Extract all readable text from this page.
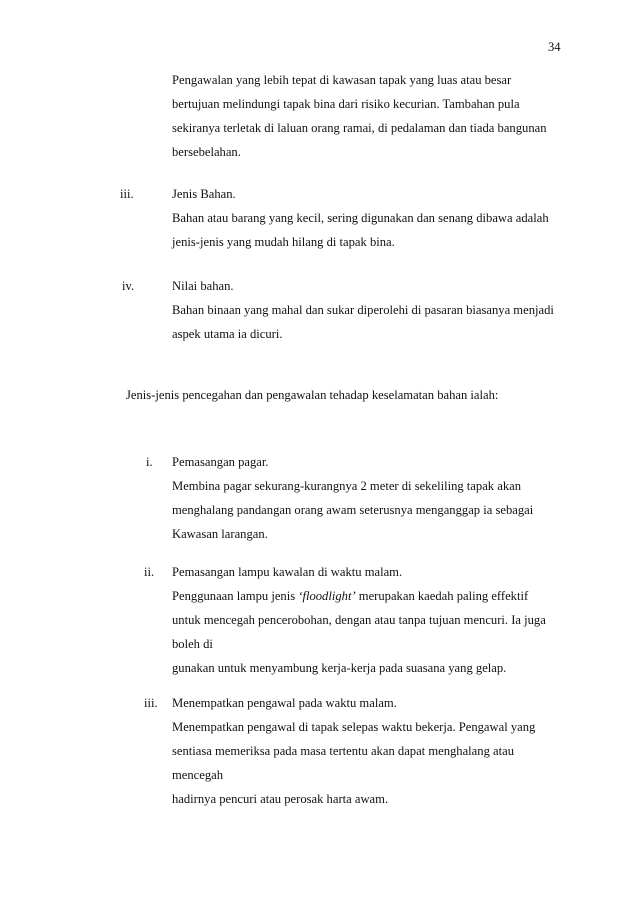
34
Pengawalan yang lebih tepat di kawasan tapak yang luas atau besar
bertujuan melindungi tapak bina dari risiko kecurian. Tambahan pula
sekiranya terletak di laluan orang ramai, di pedalaman dan tiada bangunan
bersebelahan.
iii.	Jenis Bahan.
Bahan atau barang yang kecil, sering digunakan dan senang dibawa adalah
jenis-jenis yang mudah hilang di tapak bina.
iv.	Nilai bahan.
Bahan binaan yang mahal dan sukar diperolehi di pasaran biasanya menjadi
aspek utama ia dicuri.
Jenis-jenis pencegahan dan pengawalan tehadap keselamatan bahan ialah:
i. Pemasangan pagar.
Membina pagar sekurang-kurangnya 2 meter di sekeliling tapak akan
menghalang pandangan orang awam seterusnya menganggap ia sebagai
Kawasan larangan.
ii. Pemasangan lampu kawalan di waktu malam.
Penggunaan lampu jenis ‘floodlight’ merupakan kaedah paling effektif
untuk mencegah pencerobohan, dengan atau tanpa tujuan mencuri. Ia juga
boleh di
gunakan untuk menyambung kerja-kerja pada suasana yang gelap.
iii. Menempatkan pengawal pada waktu malam.
Menempatkan pengawal di tapak selepas waktu bekerja. Pengawal yang
sentiasa memeriksa pada masa tertentu akan dapat menghalang atau
mencegah
hadirnya pencuri atau perosak harta awam.
